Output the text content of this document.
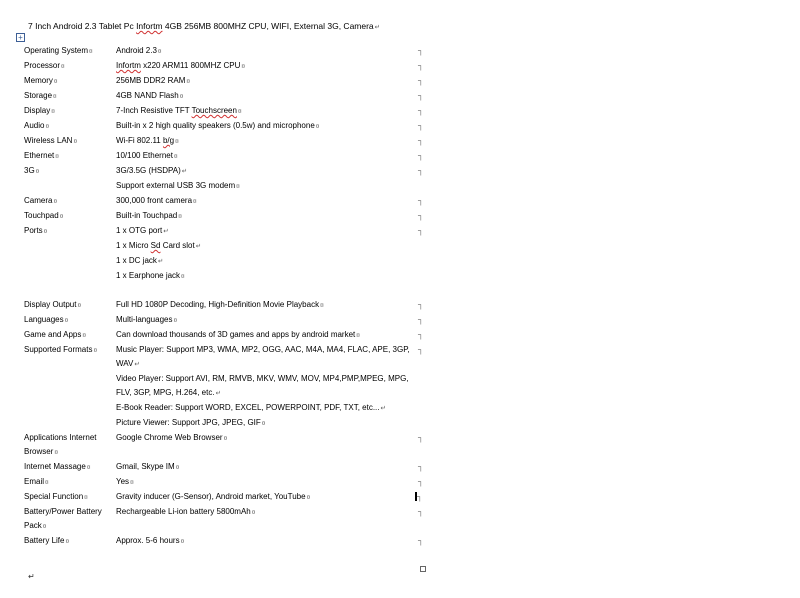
7 Inch Android 2.3 Tablet Pc Infortm 4GB 256MB 800MHZ CPU, WIFI, External 3G, Camera↵
+
Operating System¤	Android 2.3¤	┐
Processor¤	Infortm x220 ARM11 800MHZ CPU¤	┐
Memory¤	256MB DDR2 RAM¤	┐
Storage¤	4GB NAND Flash¤	┐
Display¤	7-Inch Resistive TFT Touchscreen¤	┐
Audio¤	Built-in x 2 high quality speakers (0.5w) and microphone¤	┐
Wireless LAN¤	Wi-Fi 802.11 b/g¤	┐
Ethernet¤	10/100 Ethernet¤	┐
3G¤	3G/3.5G (HSDPA)↵
Support external USB 3G modem¤	┐
Camera¤	300,000 front camera¤	┐
Touchpad¤	Built-in Touchpad¤	┐
Ports¤	1 x OTG port↵
1 x Micro Sd Card slot↵
1 x DC jack↵
1 x Earphone jack¤	┐
Display Output¤	Full HD 1080P Decoding, High-Definition Movie Playback¤	┐
Languages¤	Multi-languages¤	┐
Game and Apps¤	Can download thousands of 3D games and apps by android market¤	┐
Supported Formats¤	Music Player: Support MP3, WMA, MP2, OGG, AAC, M4A, MA4, FLAC, APE, 3GP, WAV↵
Video Player: Support AVI, RM, RMVB, MKV, WMV, MOV, MP4,PMP,MPEG, MPG, FLV, 3GP, MPG, H.264, etc.↵
E-Book Reader: Support WORD, EXCEL, POWERPOINT, PDF, TXT, etc...↵
Picture Viewer: Support JPG, JPEG, GIF¤	┐
Applications Internet Browser¤	Google Chrome Web Browser¤	┐
Internet Massage¤	Gmail, Skype IM¤	┐
Email¤	Yes¤	┐
Special Function¤	Gravity inducer (G-Sensor), Android market, YouTube¤	┐
Battery/Power Battery Pack¤	Rechargeable Li-ion battery 5800mAh¤	┐
Battery Life¤	Approx. 5-6 hours¤	┐
↵
